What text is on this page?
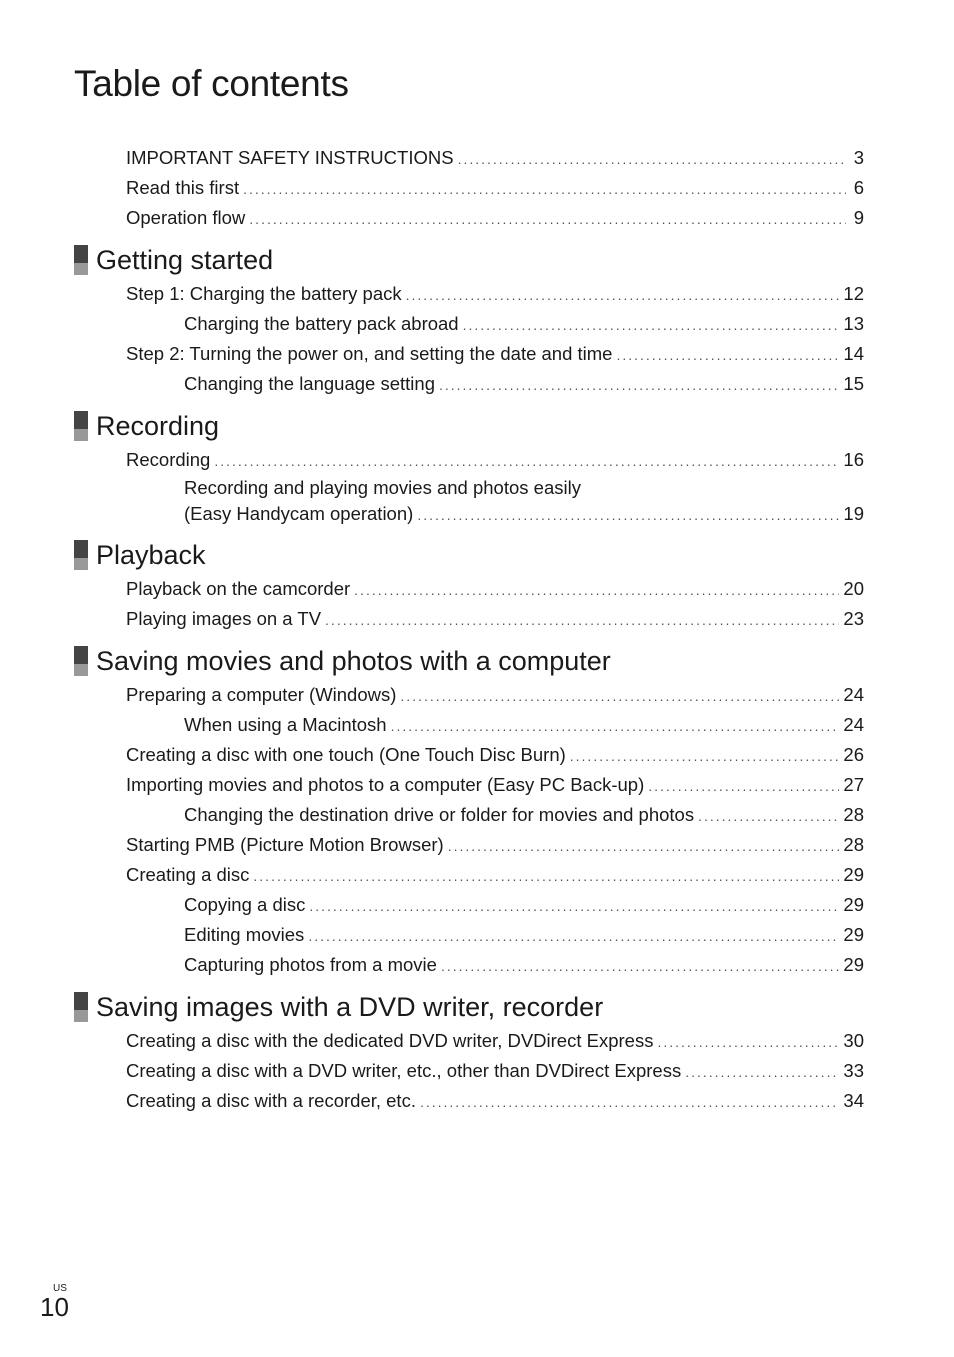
Table of contents
IMPORTANT SAFETY INSTRUCTIONS .....	3
Read this first .....	6
Operation flow .....	9
Getting started
Step 1: Charging the battery pack .....	12
Charging the battery pack abroad .....	13
Step 2: Turning the power on, and setting the date and time .....	14
Changing the language setting .....	15
Recording
Recording .....	16
Recording and playing movies and photos easily
(Easy Handycam operation) .....	19
Playback
Playback on the camcorder .....	20
Playing images on a TV .....	23
Saving movies and photos with a computer
Preparing a computer (Windows) .....	24
When using a Macintosh .....	24
Creating a disc with one touch (One Touch Disc Burn) .....	26
Importing movies and photos to a computer (Easy PC Back-up) .....	27
Changing the destination drive or folder for movies and photos .....	28
Starting PMB (Picture Motion Browser) .....	28
Creating a disc .....	29
Copying a disc .....	29
Editing movies .....	29
Capturing photos from a movie .....	29
Saving images with a DVD writer, recorder
Creating a disc with the dedicated DVD writer, DVDirect Express .....	30
Creating a disc with a DVD writer, etc., other than DVDirect Express .....	33
Creating a disc with a recorder, etc. .....	34
US
10
